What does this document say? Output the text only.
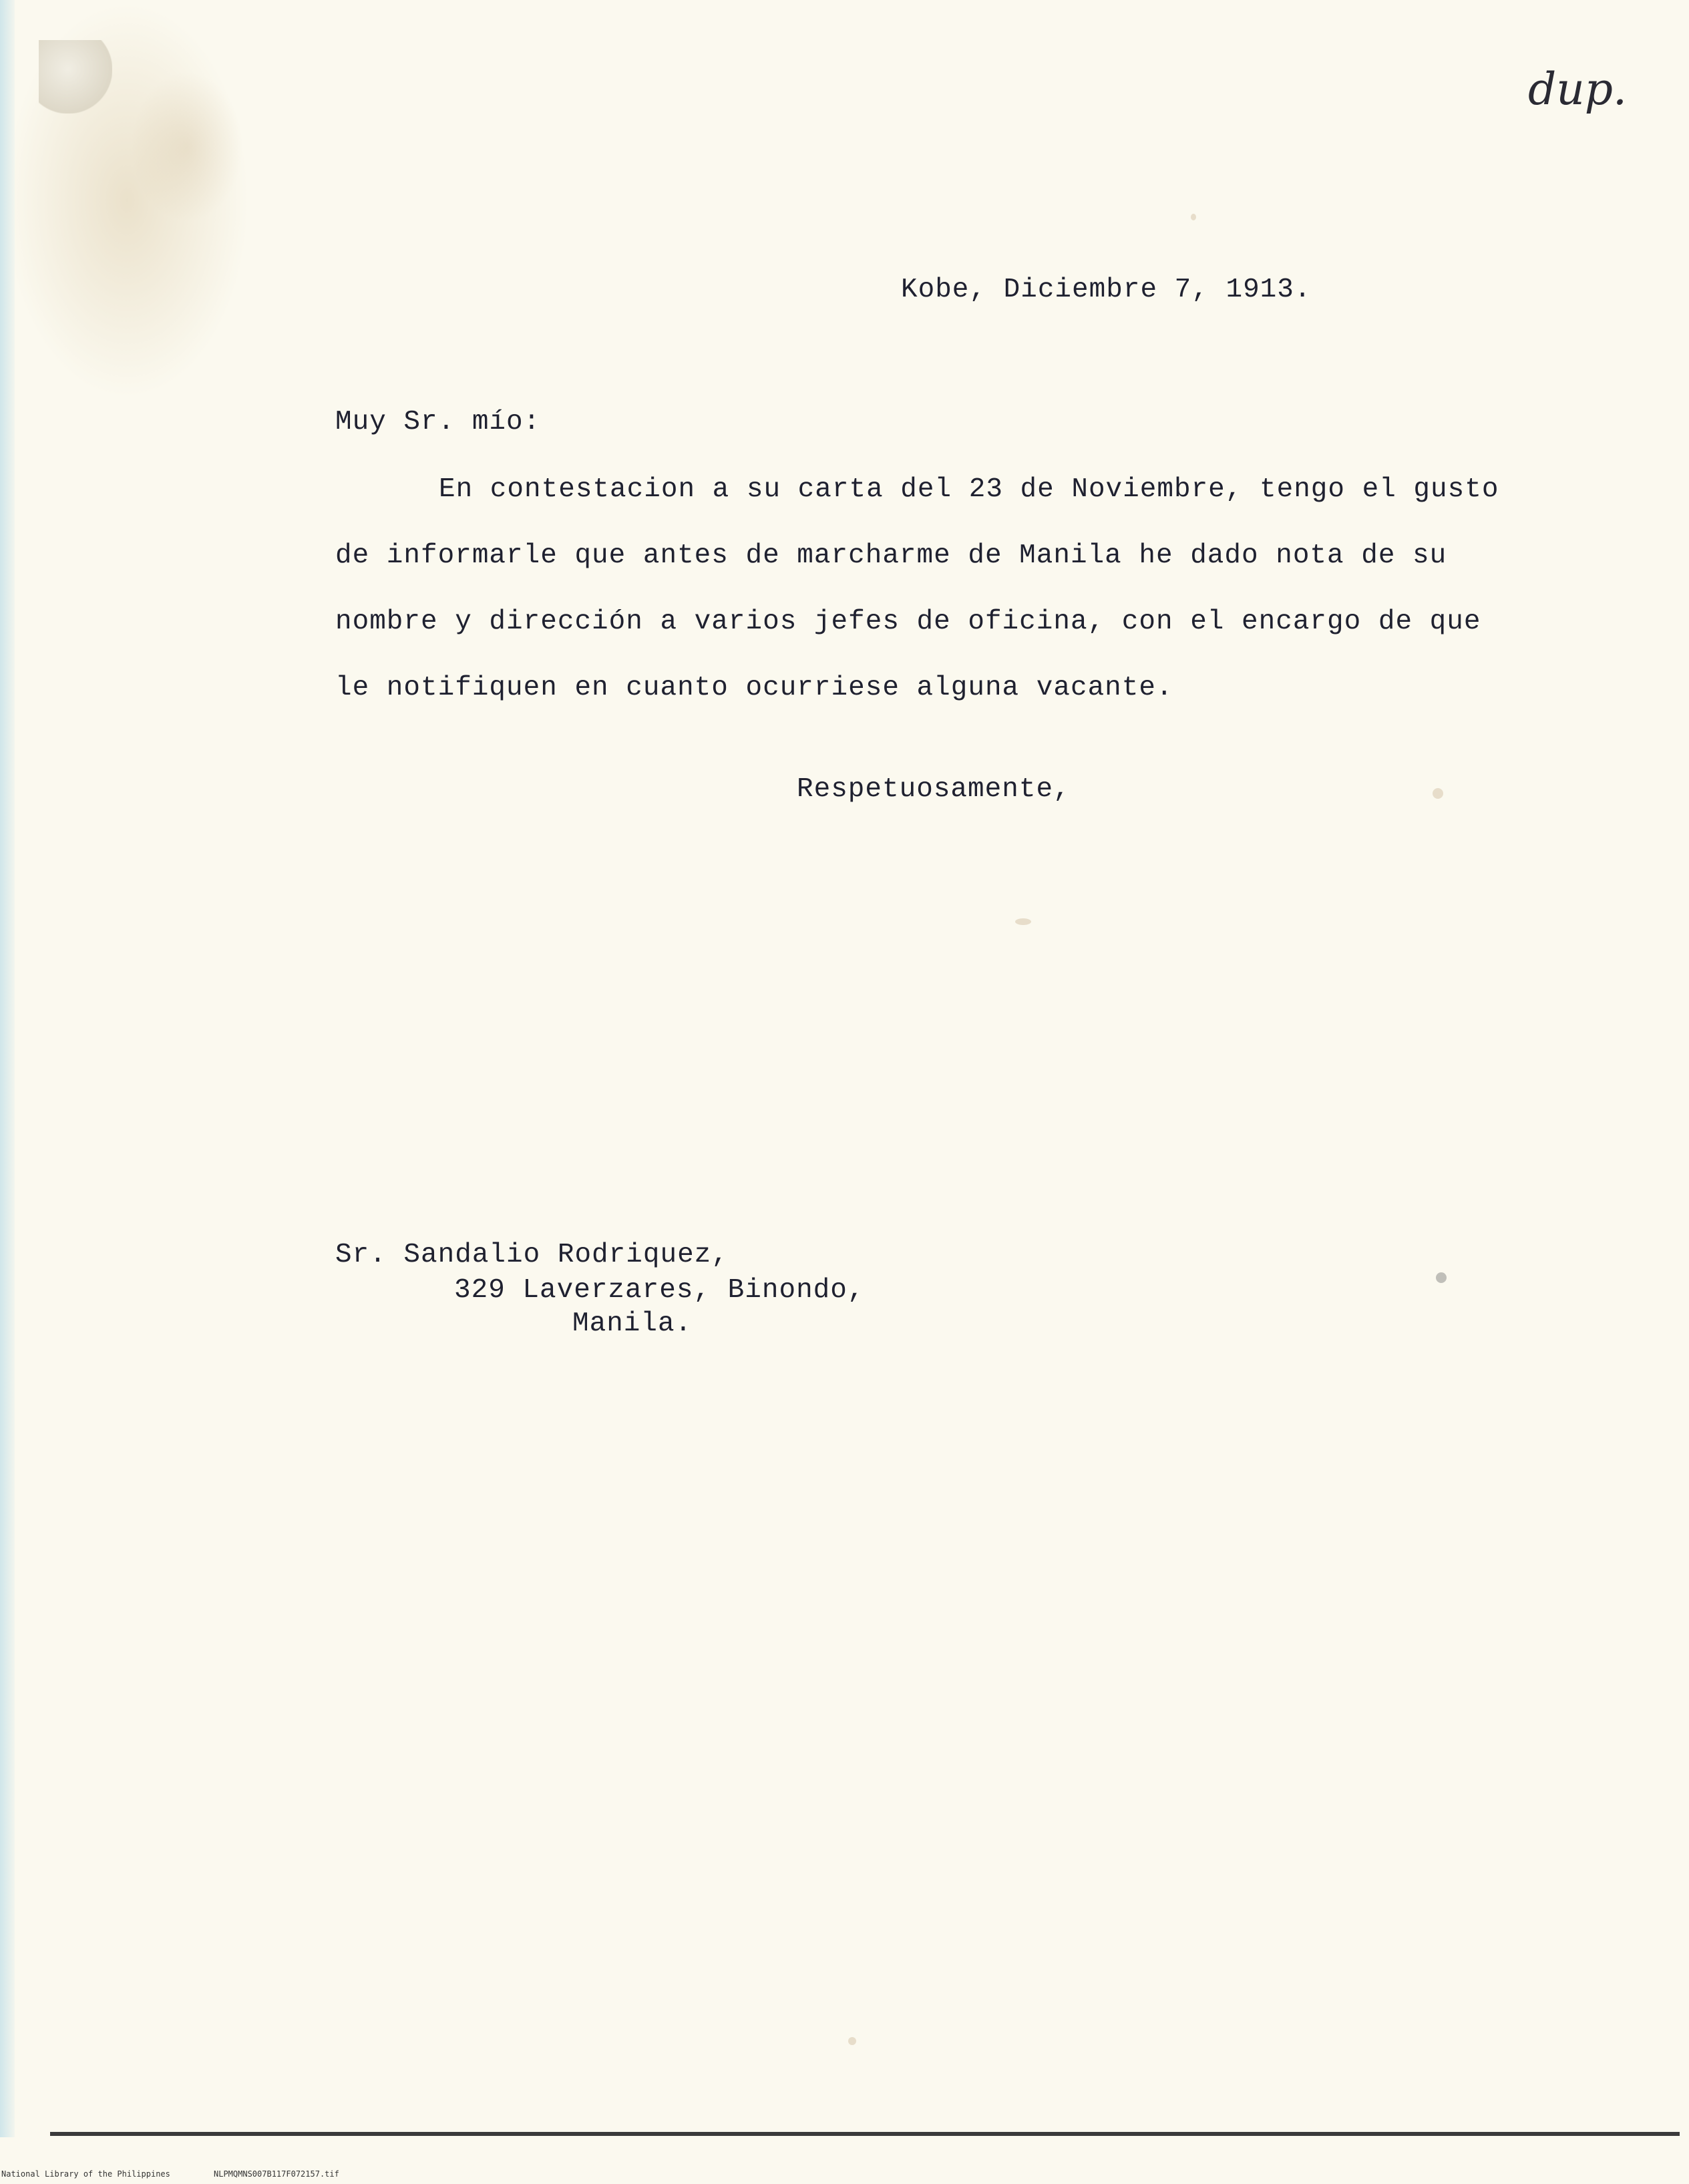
dup.
Kobe, Diciembre 7, 1913.
Muy Sr. mío:
En contestacion a su carta del 23 de Noviembre, tengo el gusto
de informarle que antes de marcharme de Manila he dado nota de su
nombre y dirección a varios jefes de oficina, con el encargo de que
le notifiquen en cuanto ocurriese alguna vacante.
Respetuosamente,
Sr. Sandalio Rodriquez,
329 Laverzares, Binondo,
Manila.
National Library of the Philippines	NLPMQMNS007B117F072157.tif
